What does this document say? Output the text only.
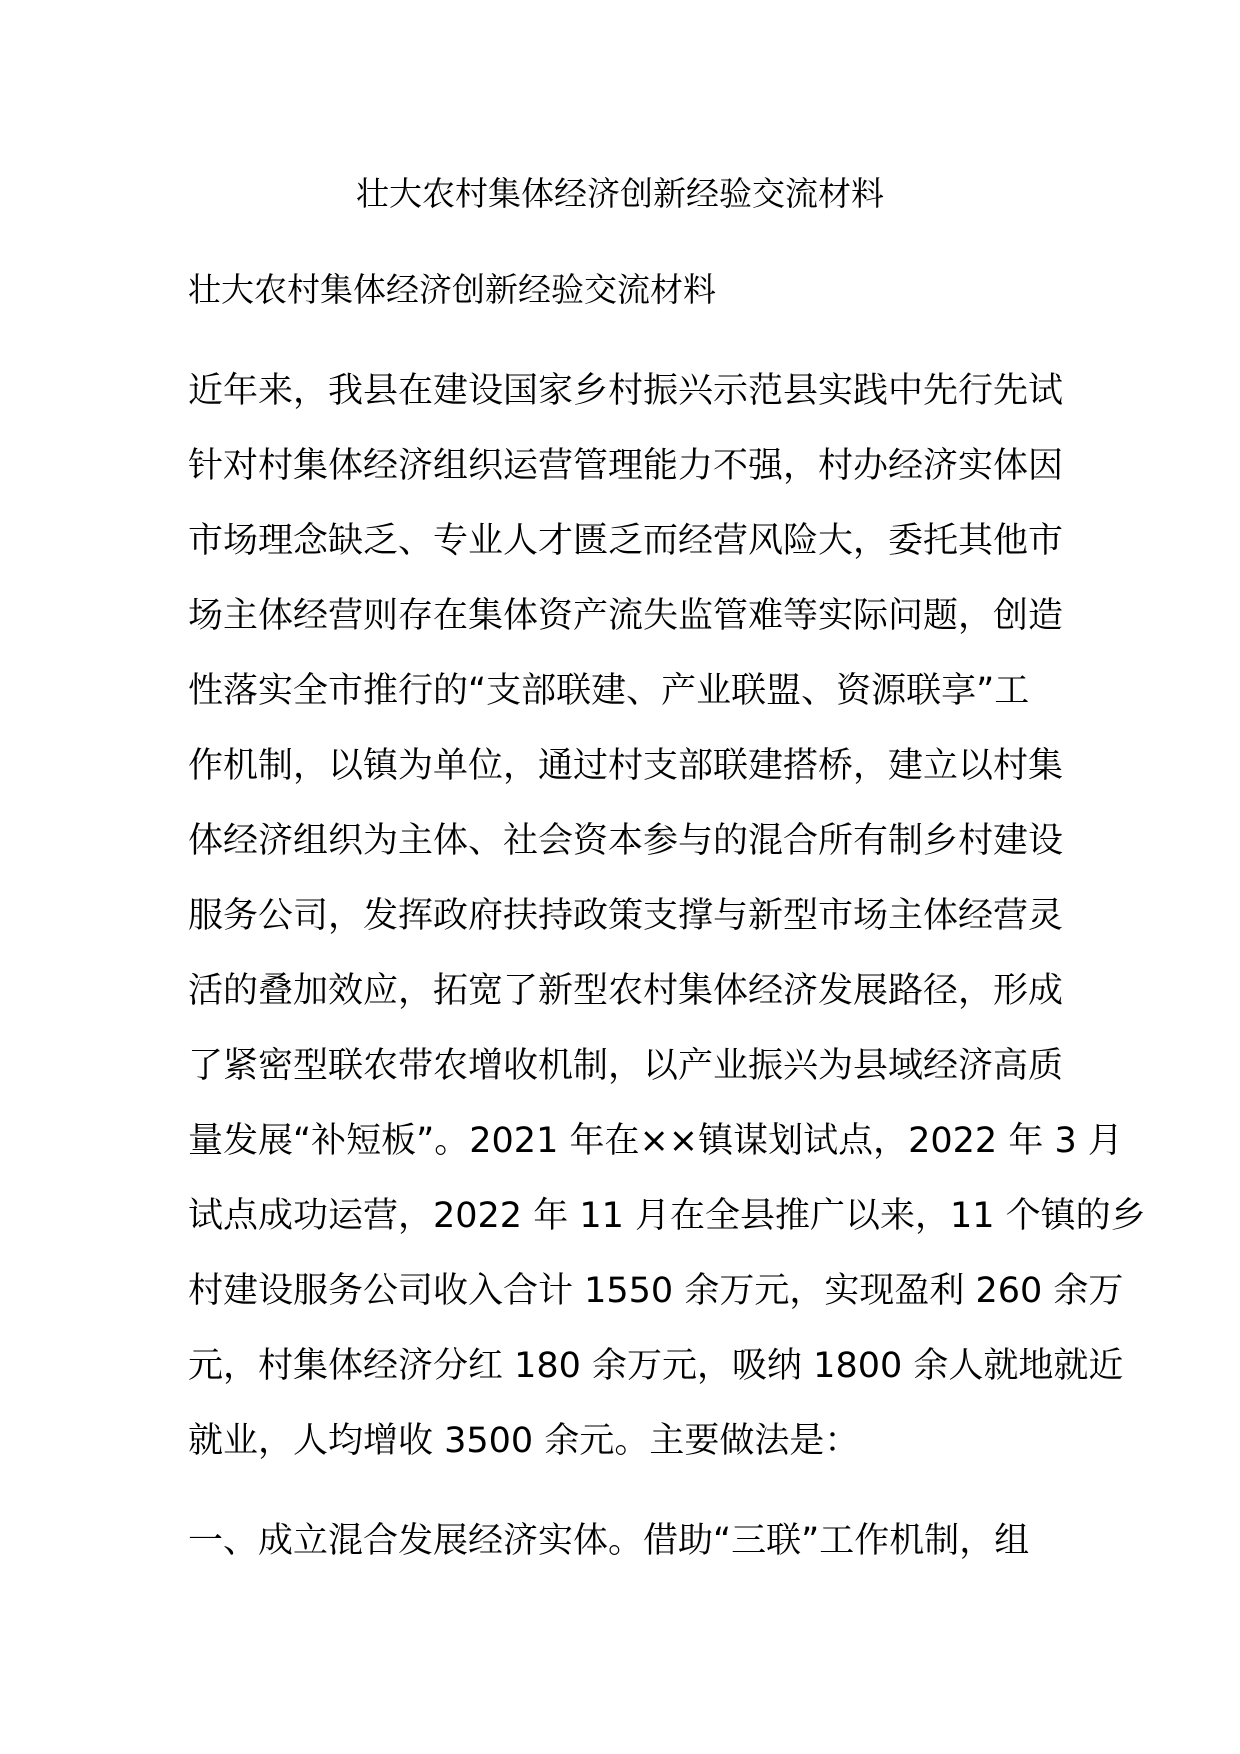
壮大农村集体经济创新经验交流材料
壮大农村集体经济创新经验交流材料
近年来，我县在建设国家乡村振兴示范县实践中先行先试
针对村集体经济组织运营管理能力不强，村办经济实体因
市场理念缺乏、专业人才匮乏而经营风险大，委托其他市
场主体经营则存在集体资产流失监管难等实际问题，创造
性落实全市推行的“支部联建、产业联盟、资源联享”工
作机制，以镇为单位，通过村支部联建搭桥，建立以村集
体经济组织为主体、社会资本参与的混合所有制乡村建设
服务公司，发挥政府扶持政策支撑与新型市场主体经营灵
活的叠加效应，拓宽了新型农村集体经济发展路径，形成
了紧密型联农带农增收机制，以产业振兴为县域经济高质
量发展“补短板”。2021 年在××镇谋划试点，2022 年 3 月
试点成功运营，2022 年 11 月在全县推广以来，11 个镇的乡
村建设服务公司收入合计 1550 余万元，实现盈利 260 余万
元，村集体经济分红 180 余万元，吸纳 1800 余人就地就近
就业，人均增收 3500 余元。主要做法是：
一、成立混合发展经济实体。借助“三联”工作机制，组
